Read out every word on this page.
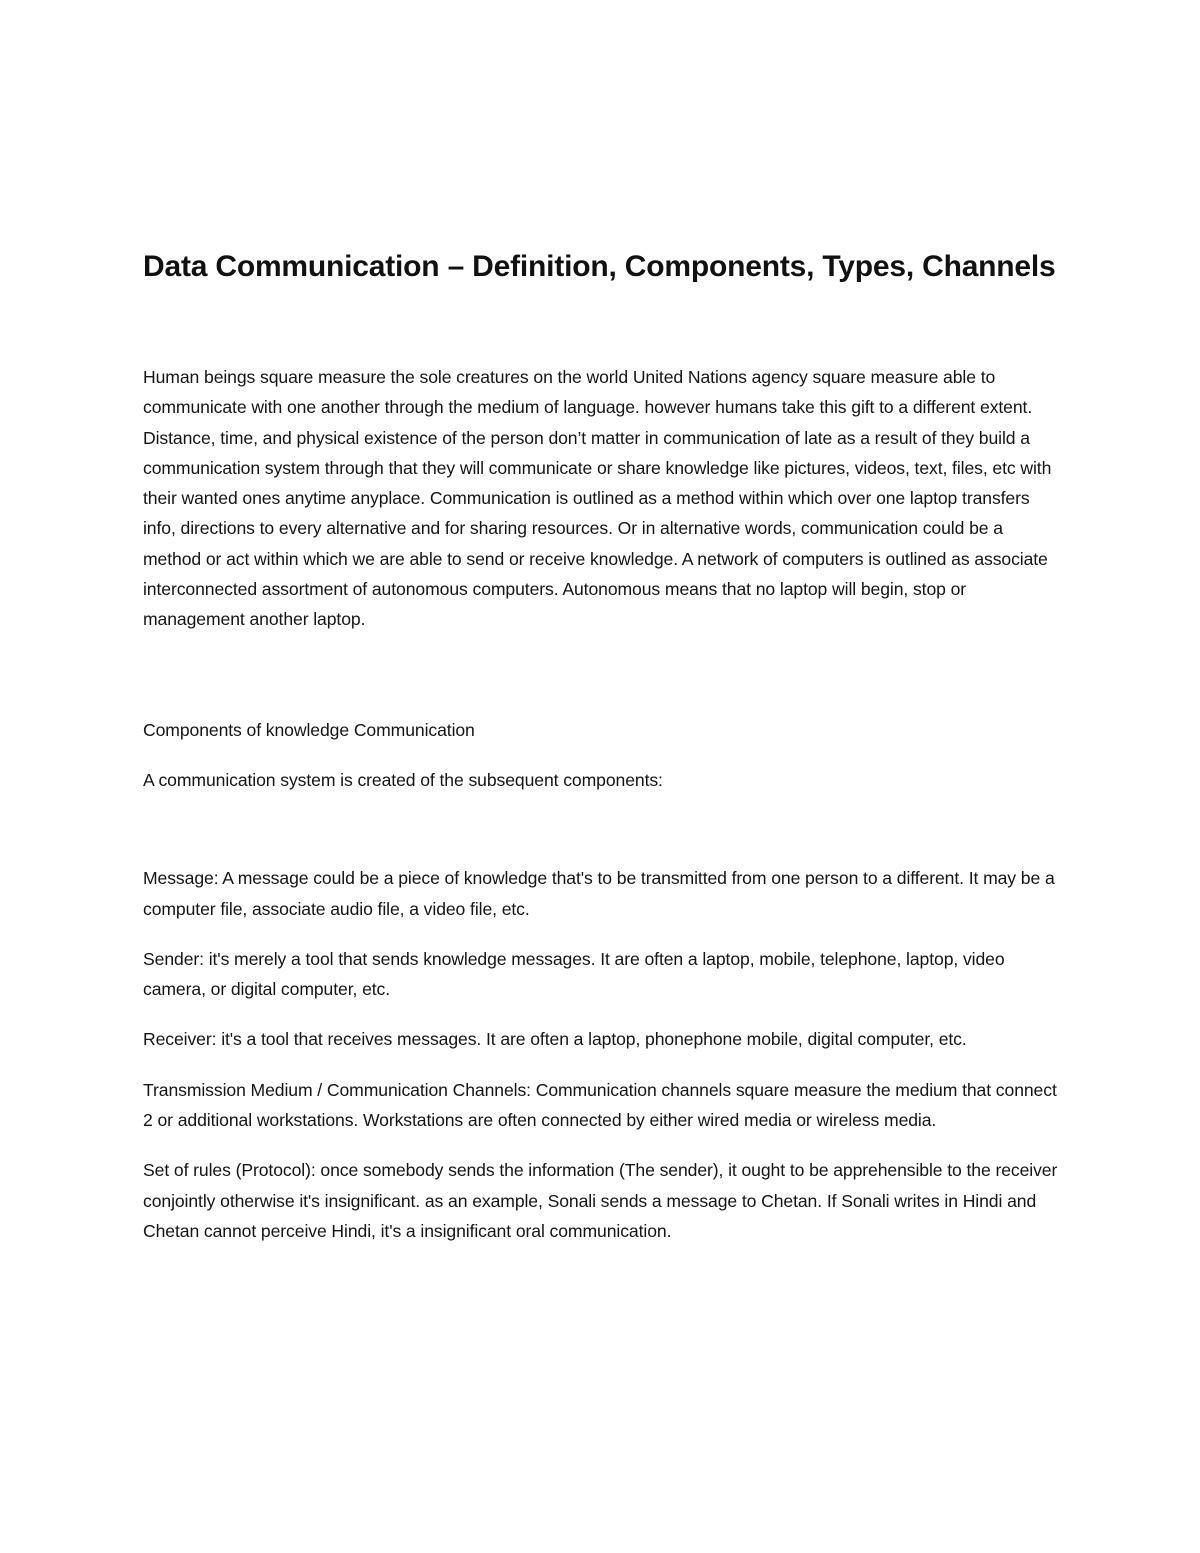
Data Communication – Definition, Components, Types, Channels

Human beings square measure the sole creatures on the world United Nations agency square measure able to communicate with one another through the medium of language. however humans take this gift to a different extent. Distance, time, and physical existence of the person don’t matter in communication of late as a result of they build a communication system through that they will communicate or share knowledge like pictures, videos, text, files, etc with their wanted ones anytime anyplace. Communication is outlined as a method within which over one laptop transfers info, directions to every alternative and for sharing resources. Or in alternative words, communication could be a method or act within which we are able to send or receive knowledge. A network of computers is outlined as associate interconnected assortment of autonomous computers. Autonomous means that no laptop will begin, stop or management another laptop.

Components of knowledge Communication

A communication system is created of the subsequent components:

Message: A message could be a piece of knowledge that's to be transmitted from one person to a different. It may be a computer file, associate audio file, a video file, etc.

Sender: it's merely a tool that sends knowledge messages. It are often a laptop, mobile, telephone, laptop, video camera, or digital computer, etc.

Receiver: it's a tool that receives messages. It are often a laptop, phonephone mobile, digital computer, etc.

Transmission Medium / Communication Channels: Communication channels square measure the medium that connect 2 or additional workstations. Workstations are often connected by either wired media or wireless media.

Set of rules (Protocol): once somebody sends the information (The sender), it ought to be apprehensible to the receiver conjointly otherwise it's insignificant. as an example, Sonali sends a message to Chetan. If Sonali writes in Hindi and Chetan cannot perceive Hindi, it's a insignificant oral communication.
